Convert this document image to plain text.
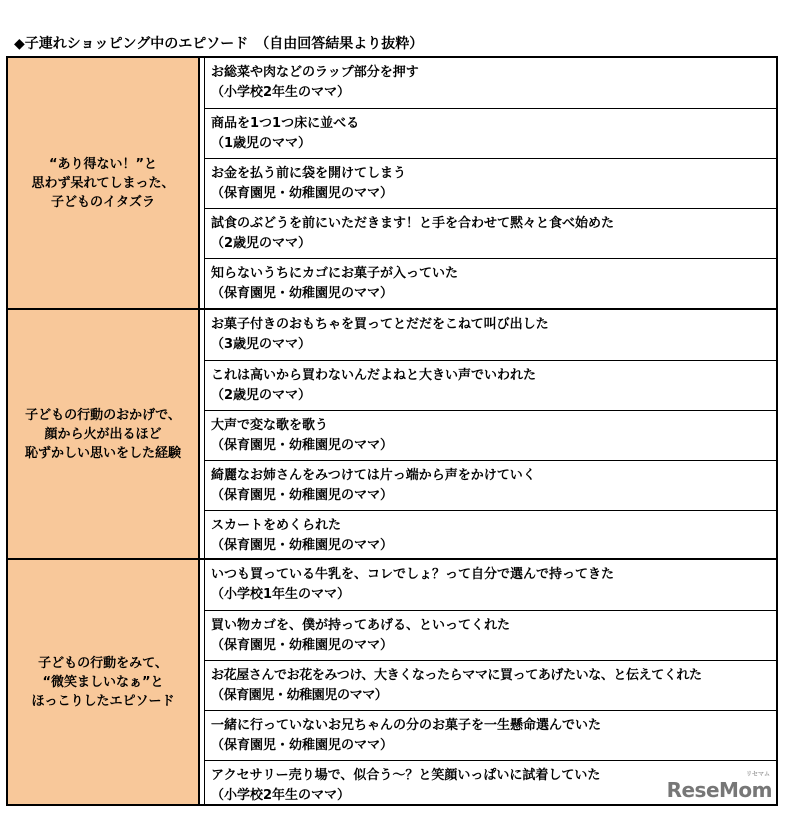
◆子連れショッピング中のエピソード　（自由回答結果より抜粋）
“あり得ない！”と
思わず呆れてしまった、
子どものイタズラ
お総菜や肉などのラップ部分を押す
（小学校2年生のママ）
商品を1つ1つ床に並べる
（1歳児のママ）
お金を払う前に袋を開けてしまう
（保育園児・幼稚園児のママ）
試食のぶどうを前にいただきます！と手を合わせて黙々と食べ始めた
（2歳児のママ）
知らないうちにカゴにお菓子が入っていた
（保育園児・幼稚園児のママ）
子どもの行動のおかげで、
顔から火が出るほど
恥ずかしい思いをした経験
お菓子付きのおもちゃを買ってとだだをこねて叫び出した
（3歳児のママ）
これは高いから買わないんだよねと大きい声でいわれた
（2歳児のママ）
大声で変な歌を歌う
（保育園児・幼稚園児のママ）
綺麗なお姉さんをみつけては片っ端から声をかけていく
（保育園児・幼稚園児のママ）
スカートをめくられた
（保育園児・幼稚園児のママ）
子どもの行動をみて、
“微笑ましいなぁ”と
ほっこりしたエピソード
いつも買っている牛乳を、コレでしょ？って自分で選んで持ってきた
（小学校1年生のママ）
買い物カゴを、僕が持ってあげる、といってくれた
（保育園児・幼稚園児のママ）
お花屋さんでお花をみつけ、大きくなったらママに買ってあげたいな、と伝えてくれた
（保育園児・幼稚園児のママ）
一緒に行っていないお兄ちゃんの分のお菓子を一生懸命選んでいた
（保育園児・幼稚園児のママ）
アクセサリー売り場で、似合う～？と笑顔いっぱいに試着していた
（小学校2年生のママ）
リセマム
ReseMom
